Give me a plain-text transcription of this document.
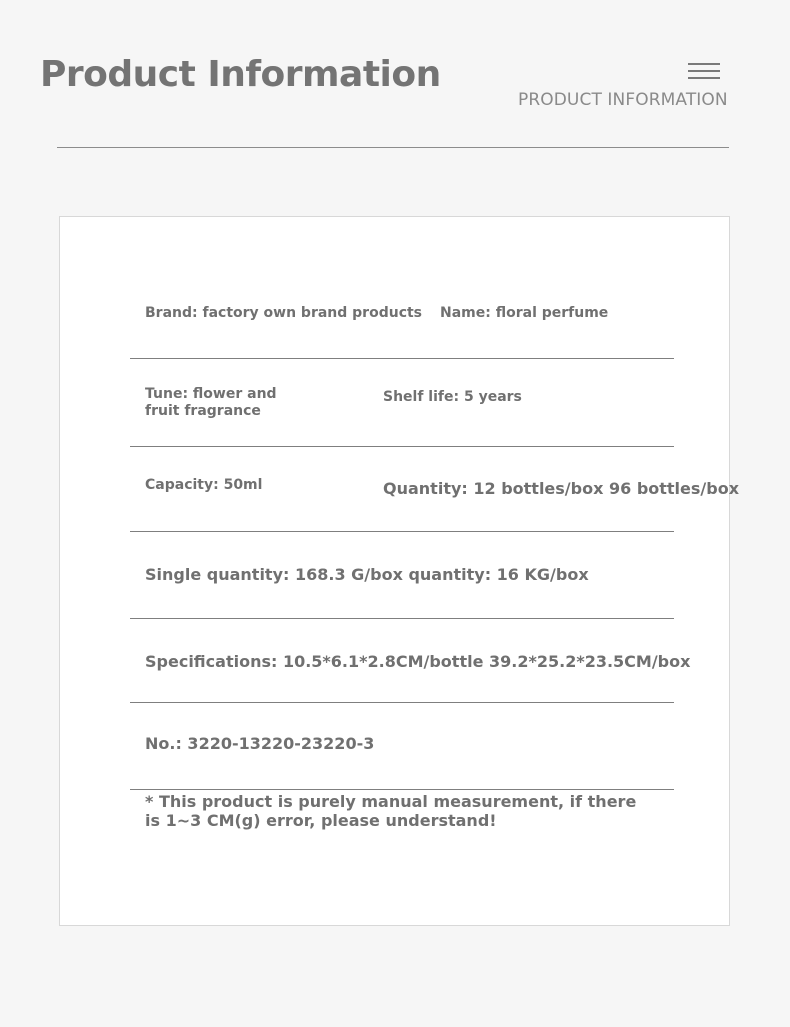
Product Information
PRODUCT INFORMATION
Brand: factory own brand products Name: floral perfume
Tune: flower and fruit fragrance
Shelf life: 5 years
Capacity: 50ml	Quantity: 12 bottles/box 96 bottles/box
Single quantity: 168.3 G/box quantity: 16 KG/box
Specifications: 10.5*6.1*2.8CM/bottle 39.2*25.2*23.5CM/box
No.: 3220-13220-23220-3
* This product is purely manual measurement, if there is 1~3 CM(g) error, please understand!
